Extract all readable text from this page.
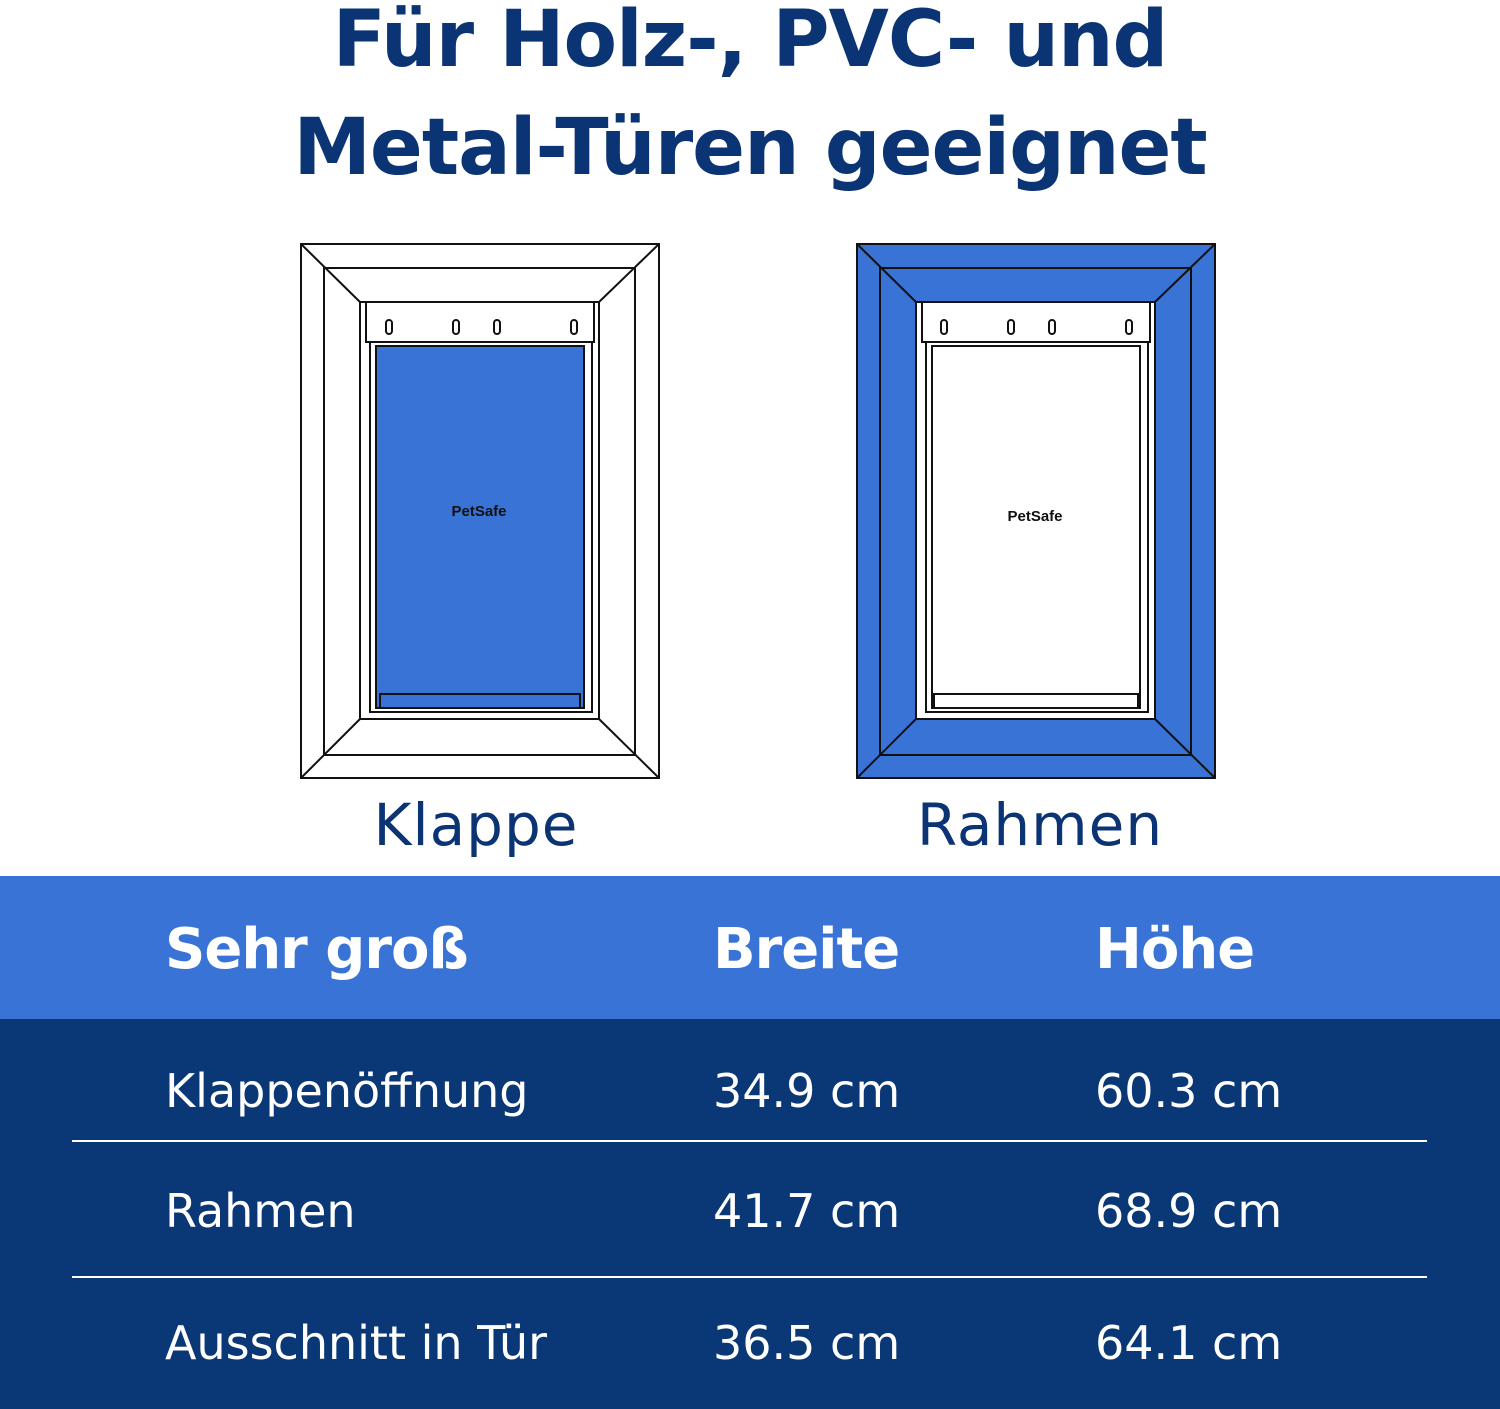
Für Holz-, PVC- und
Metal-Türen geeignet
PetSafe
Klappe
PetSafe
Rahmen
Sehr groß	Breite	Höhe
Klappenöffnung	34.9 cm	60.3 cm
Rahmen	41.7 cm	68.9 cm
Ausschnitt in Tür	36.5 cm	64.1 cm
